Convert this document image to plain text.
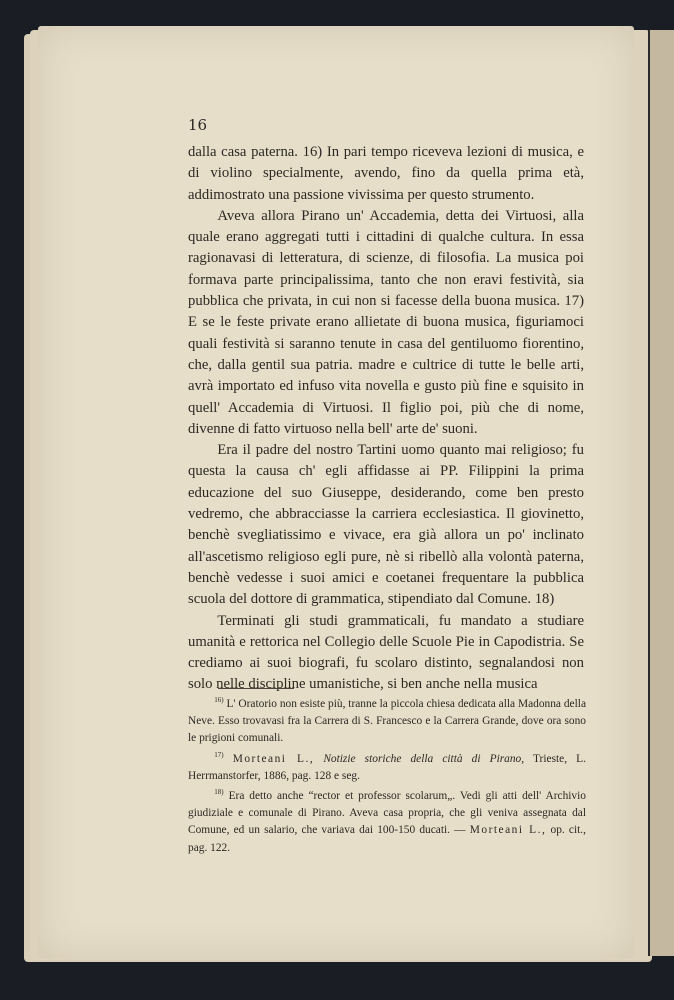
16

dalla casa paterna. 16) In pari tempo riceveva lezioni di musica, e di violino specialmente, avendo, fino da quella prima età, addimostrato una passione vivissima per questo strumento.

Aveva allora Pirano un' Accademia, detta dei Virtuosi, alla quale erano aggregati tutti i cittadini di qualche cultura. In essa ragionavasi di letteratura, di scienze, di filosofia. La musica poi formava parte principalissima, tanto che non eravi festività, sia pubblica che privata, in cui non si facesse della buona musica. 17) E se le feste private erano allietate di buona musica, figuriamoci quali festività si saranno tenute in casa del gentiluomo fiorentino, che, dalla gentil sua patria. madre e cultrice di tutte le belle arti, avrà importato ed infuso vita novella e gusto più fine e squisito in quell' Accademia di Virtuosi. Il figlio poi, più che di nome, divenne di fatto virtuoso nella bell' arte de' suoni.

Era il padre del nostro Tartini uomo quanto mai religioso; fu questa la causa ch' egli affidasse ai PP. Filippini la prima educazione del suo Giuseppe, desiderando, come ben presto vedremo, che abbracciasse la carriera ecclesiastica. Il giovinetto, benchè svegliatissimo e vivace, era già allora un po' inclinato all'ascetismo religioso egli pure, nè si ribellò alla volontà paterna, benchè vedesse i suoi amici e coetanei frequentare la pubblica scuola del dottore di grammatica, stipendiato dal Comune. 18)

Terminati gli studi grammaticali, fu mandato a studiare umanità e rettorica nel Collegio delle Scuole Pie in Capodistria. Se crediamo ai suoi biografi, fu scolaro distinto, segnalandosi non solo nelle discipline umanistiche, si ben anche nella musica

$^{16)}$ L' Oratorio non esiste più, tranne la piccola chiesa dedicata alla Madonna della Neve. Esso trovavasi fra la Carrera di S. Francesco e la Carrera Grande, dove ora sono le prigioni comunali.

$^{17)}$ Morteani L., Notizie storiche della città di Pirano, Trieste, L. Herrmanstorfer, 1886, pag. 128 e seg.

$^{18)}$ Era detto anche “rector et professor scolarum„. Vedi gli atti dell' Archivio giudiziale e comunale di Pirano. Aveva casa propria, che gli veniva assegnata dal Comune, ed un salario, che variava dai 100-150 ducati. — Morteani L., op. cit., pag. 122.
